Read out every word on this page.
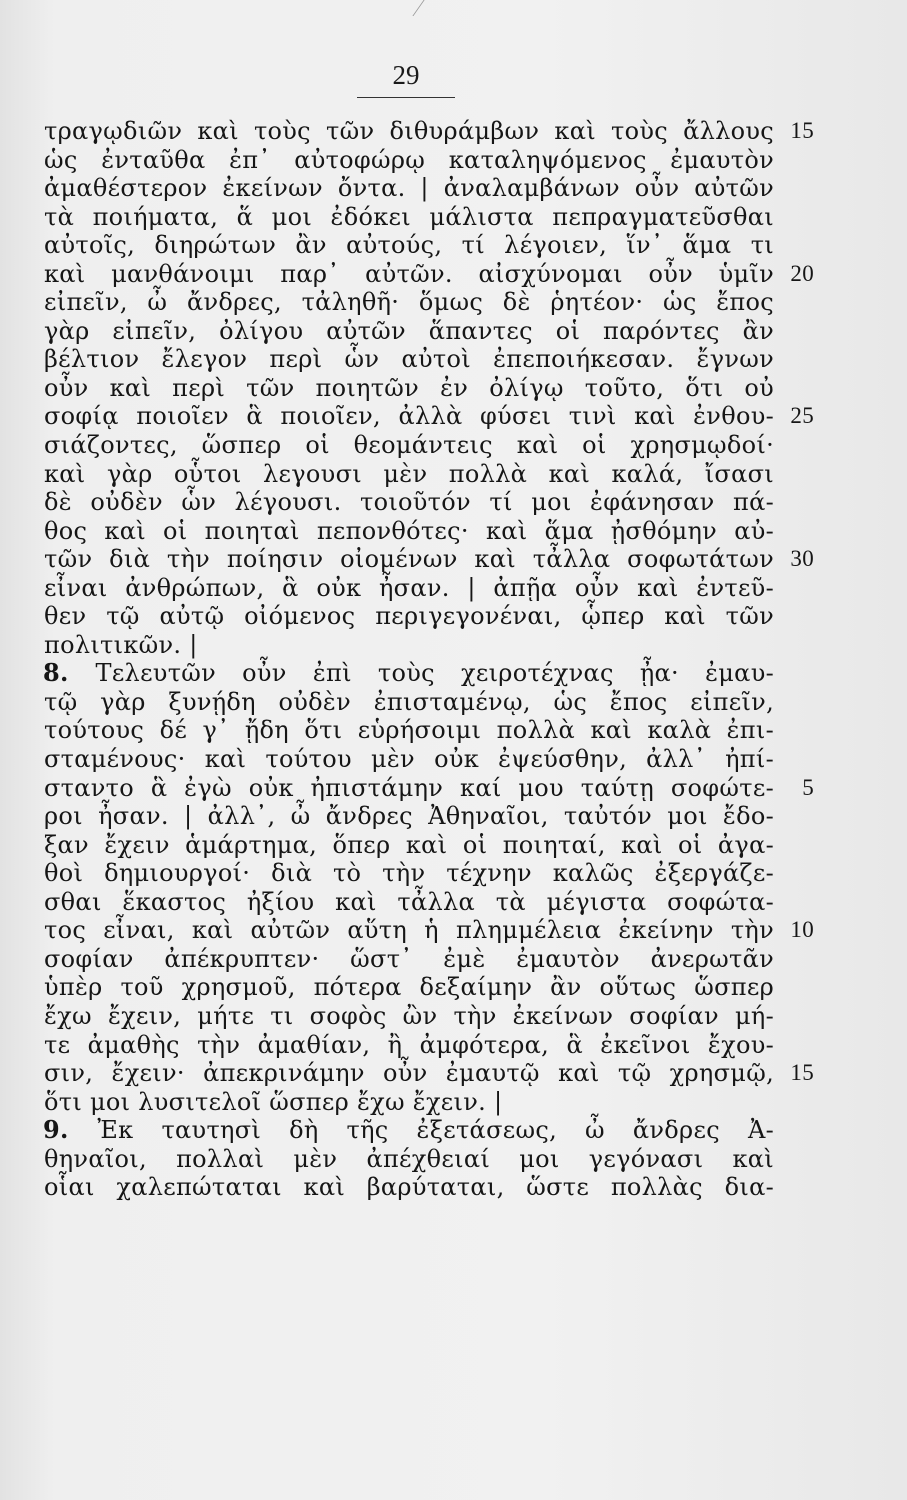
29
τραγῳδιῶν καὶ τοὺς τῶν διθυράμβων καὶ τοὺς ἄλλους 15
ὡς ἐνταῦθα ἐπ᾽ αὐτοφώρῳ καταληψόμενος ἐμαυτὸν
ἀμαθέστερον ἐκείνων ὄντα. | ἀναλαμβάνων οὖν αὐτῶν
τὰ ποιήματα, ἅ μοι ἐδόκει μάλιστα πεπραγματεῦσθαι
αὐτοῖς, διηρώτων ἂν αὐτούς, τί λέγοιεν, ἵν᾽ ἅμα τι
καὶ μανθάνοιμι παρ᾽ αὐτῶν. αἰσχύνομαι οὖν ὑμῖν 20
εἰπεῖν, ὦ ἄνδρες, τἀληθῆ· ὅμως δὲ ῥητέον· ὡς ἔπος
γὰρ εἰπεῖν, ὀλίγου αὐτῶν ἅπαντες οἱ παρόντες ἂν
βέλτιον ἔλεγον περὶ ὧν αὐτοὶ ἐπεποιήκεσαν. ἔγνων
οὖν καὶ περὶ τῶν ποιητῶν ἐν ὀλίγῳ τοῦτο, ὅτι οὐ
σοφίᾳ ποιοῖεν ἃ ποιοῖεν, ἀλλὰ φύσει τινὶ καὶ ἐνθου- 25
σιάζοντες, ὥσπερ οἱ θεομάντεις καὶ οἱ χρησμῳδοί·
καὶ γὰρ οὗτοι λεγουσι μὲν πολλὰ καὶ καλά, ἴσασι
δὲ οὐδὲν ὧν λέγουσι. τοιοῦτόν τί μοι ἐφάνησαν πά-
θος καὶ οἱ ποιηταὶ πεπονθότες· καὶ ἅμα ᾐσθόμην αὐ-
τῶν διὰ τὴν ποίησιν οἰομένων καὶ τἆλλα σοφωτάτων 30
εἶναι ἀνθρώπων, ἃ οὐκ ἦσαν. | ἀπῇα οὖν καὶ ἐντεῦ-
θεν τῷ αὐτῷ οἰόμενος περιγεγονέναι, ᾧπερ καὶ τῶν
πολιτικῶν. |
8. Τελευτῶν οὖν ἐπὶ τοὺς χειροτέχνας ᾖα· ἐμαυ-
τῷ γὰρ ξυνῄδη οὐδὲν ἐπισταμένῳ, ὡς ἔπος εἰπεῖν,
τούτους δέ γ᾽ ᾔδη ὅτι εὑρήσοιμι πολλὰ καὶ καλὰ ἐπι-
σταμένους· καὶ τούτου μὲν οὐκ ἐψεύσθην, ἀλλ᾽ ἠπί-
σταντο ἃ ἐγὼ οὐκ ἠπιστάμην καί μου ταύτῃ σοφώτε- 5
ροι ἦσαν. | ἀλλ᾽, ὦ ἄνδρες Ἀθηναῖοι, ταὐτόν μοι ἔδο-
ξαν ἔχειν ἁμάρτημα, ὅπερ καὶ οἱ ποιηταί, καὶ οἱ ἀγα-
θοὶ δημιουργοί· διὰ τὸ τὴν τέχνην καλῶς ἐξεργάζε-
σθαι ἕκαστος ἠξίου καὶ τἆλλα τὰ μέγιστα σοφώτα-
τος εἶναι, καὶ αὐτῶν αὕτη ἡ πλημμέλεια ἐκείνην τὴν 10
σοφίαν ἀπέκρυπτεν· ὥστ᾽ ἐμὲ ἐμαυτὸν ἀνερωτᾶν
ὑπὲρ τοῦ χρησμοῦ, πότερα δεξαίμην ἂν οὕτως ὥσπερ
ἔχω ἔχειν, μήτε τι σοφὸς ὢν τὴν ἐκείνων σοφίαν μή-
τε ἀμαθὴς τὴν ἀμαθίαν, ἢ ἀμφότερα, ἃ ἐκεῖνοι ἔχου-
σιν, ἔχειν· ἀπεκρινάμην οὖν ἐμαυτῷ καὶ τῷ χρησμῷ, 15
ὅτι μοι λυσιτελοῖ ὥσπερ ἔχω ἔχειν. |
9. Ἐκ ταυτησὶ δὴ τῆς ἐξετάσεως, ὦ ἄνδρες Ἀ-
θηναῖοι, πολλαὶ μὲν ἀπέχθειαί μοι γεγόνασι καὶ
οἷαι χαλεπώταται καὶ βαρύταται, ὥστε πολλὰς δια-
